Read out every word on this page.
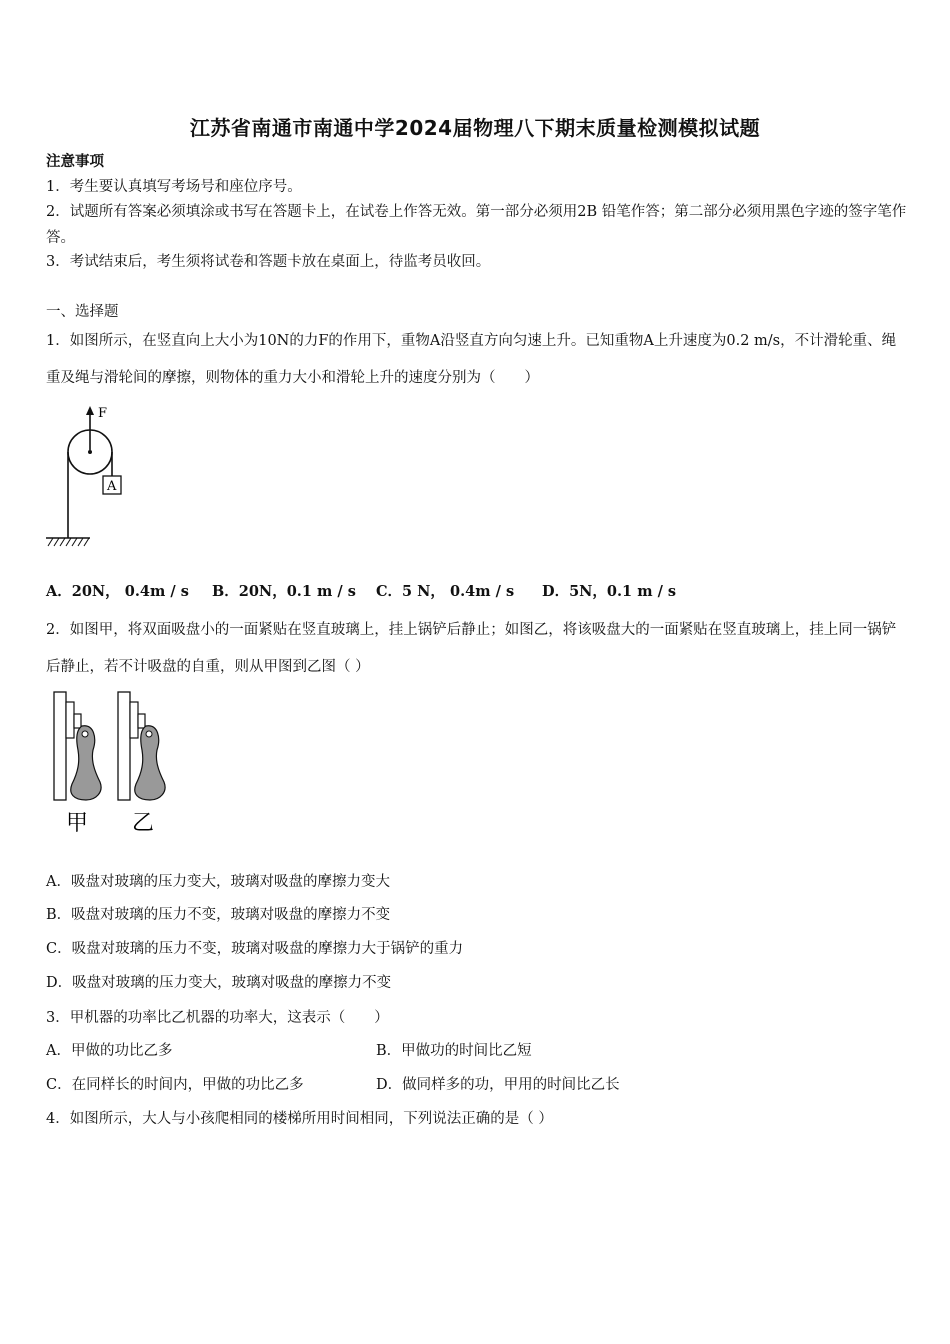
江苏省南通市南通中学2024届物理八下期末质量检测模拟试题
注意事项
1．考生要认真填写考场号和座位序号。
2．试题所有答案必须填涂或书写在答题卡上，在试卷上作答无效。第一部分必须用2B 铅笔作答；第二部分必须用黑色字迹的签字笔作答。
3．考试结束后，考生须将试卷和答题卡放在桌面上，待监考员收回。
一、选择题
1．如图所示，在竖直向上大小为10N的力F的作用下，重物A沿竖直方向匀速上升。已知重物A上升速度为0.2 m/s，不计滑轮重、绳重及绳与滑轮间的摩擦，则物体的重力大小和滑轮上升的速度分别为（　　）
F
A
A．20N， 0.4m / s B．20N，0.1 m / s C．5 N， 0.4m / s D．5N，0.1 m / s
2．如图甲，将双面吸盘小的一面紧贴在竖直玻璃上，挂上锅铲后静止；如图乙，将该吸盘大的一面紧贴在竖直玻璃上，挂上同一锅铲后静止，若不计吸盘的自重，则从甲图到乙图（ ）
甲 乙
A．吸盘对玻璃的压力变大，玻璃对吸盘的摩擦力变大
B．吸盘对玻璃的压力不变，玻璃对吸盘的摩擦力不变
C．吸盘对玻璃的压力不变，玻璃对吸盘的摩擦力大于锅铲的重力
D．吸盘对玻璃的压力变大，玻璃对吸盘的摩擦力不变
3．甲机器的功率比乙机器的功率大，这表示（　　）
A．甲做的功比乙多	B．甲做功的时间比乙短
C．在同样长的时间内，甲做的功比乙多	D．做同样多的功，甲用的时间比乙长
4．如图所示，大人与小孩爬相同的楼梯所用时间相同，下列说法正确的是（ ）
